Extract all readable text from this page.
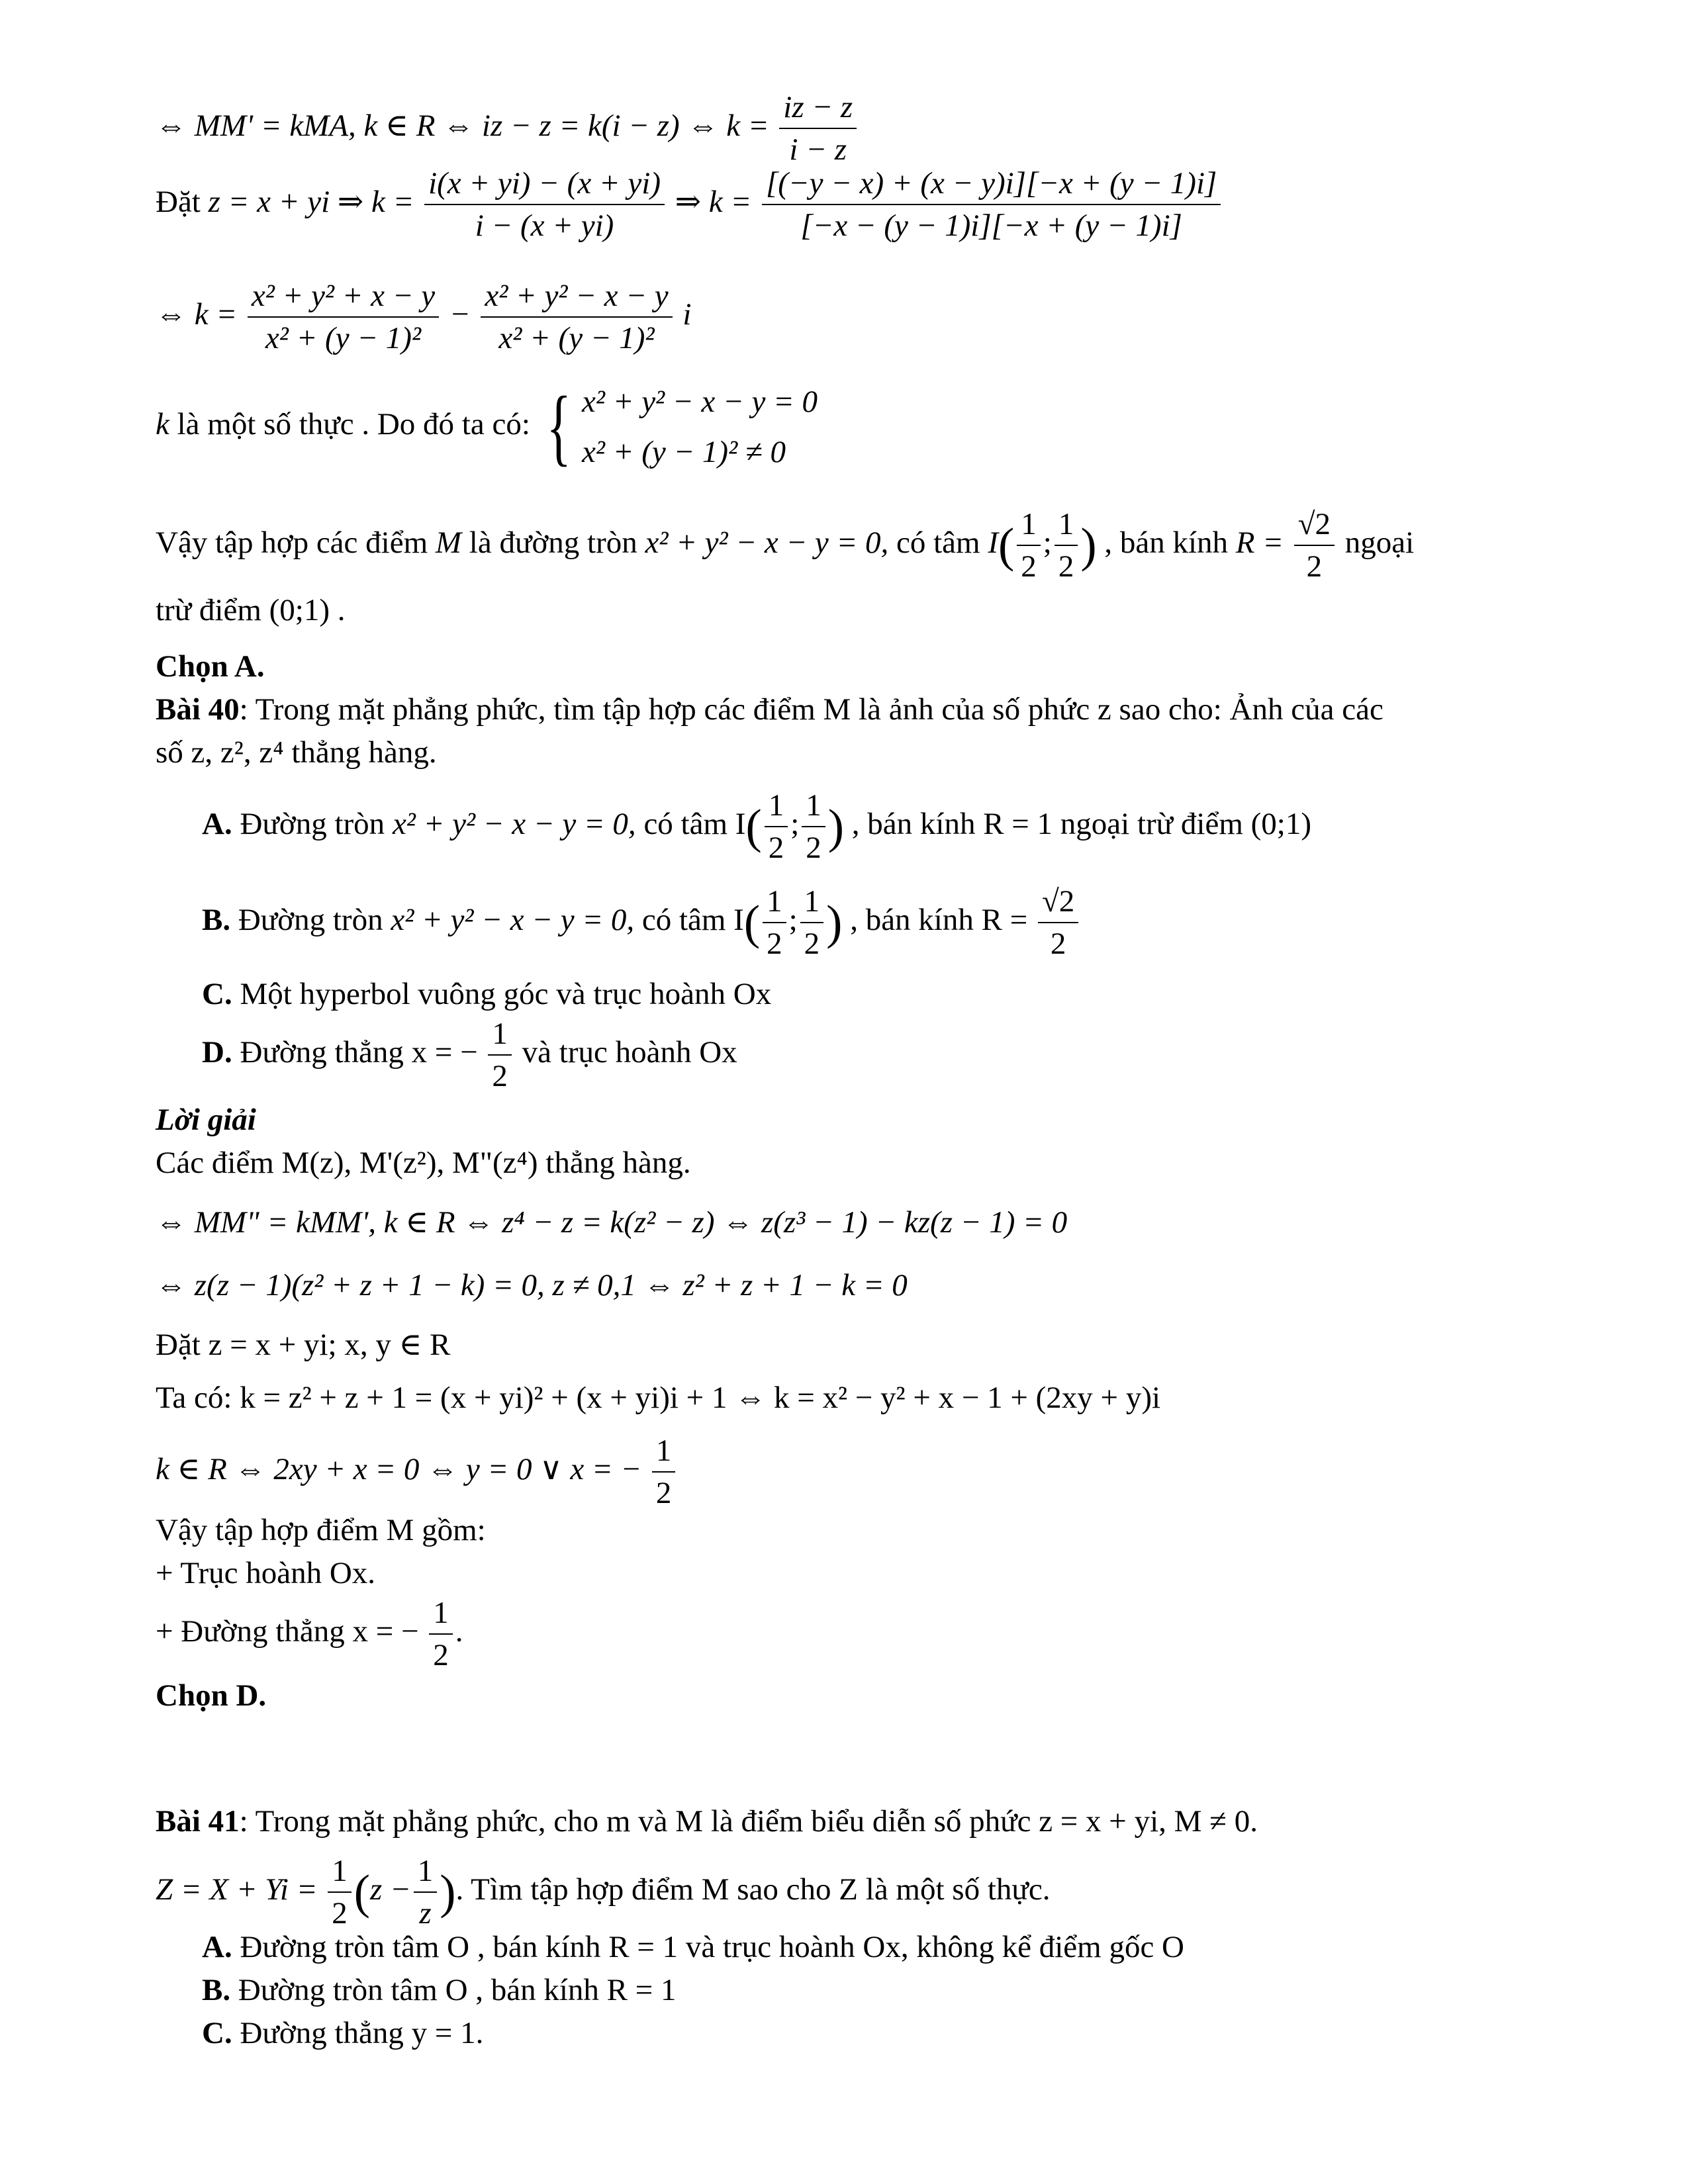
⇔ MM' = kMA, k ∈ R ⇔ iz − z = k(i − z) ⇔ $k = \frac{iz - z}{i - z}$
Đặt z = x + yi ⇒ $k = \frac{i(x + yi) - (x + yi)}{i - (x + yi)}$ ⇒ $k = \frac{[(-y - x) + (x - y)i][-x + (y - 1)i]}{[-x - (y - 1)i][-x + (y - 1)i]}$
⇔ $k = \frac{\text{x² + y² + x − y}}{\text{x² + (y − 1)²}} - \frac{\text{x² + y² − x − y}}{\text{x² + (y − 1)²}}$ i
k là một số thực . Do đó ta có: { x² + y² − x − y = 0
x² + (y − 1)² ≠ 0
Vậy tập hợp các điểm M là đường tròn x² + y² − x − y = 0, có tâm $I( \frac{1}{2}$ ; $\frac{1}{2}$ ) , bán kính $R = \frac{√2}{2}$ ngoại
trừ điểm (0;1) .
Chọn A.
Bài 40: Trong mặt phẳng phức, tìm tập hợp các điểm M là ảnh của số phức z sao cho: Ảnh của các
số z, z², z⁴ thẳng hàng.
A. Đường tròn x² + y² − x − y = 0, có tâm $I( \frac{1}{2}$ ; $\frac{1}{2}$ ) , bán kính R = 1 ngoại trừ điểm (0;1)
B. Đường tròn x² + y² − x − y = 0, có tâm $I( \frac{1}{2}$ ; $\frac{1}{2}$ ) , bán kính $R = \frac{√2}{2}$
C. Một hyperbol vuông góc và trục hoành Ox
D. Đường thẳng x = − $\frac{1}{2}$ và trục hoành Ox
Lời giải
Các điểm M(z), M'(z²), M"(z⁴) thẳng hàng.
⇔ MM" = kMM', k ∈ R ⇔ z⁴ − z = k(z² − z) ⇔ z(z³ − 1) − kz(z − 1) = 0
⇔ z(z − 1)(z² + z + 1 − k) = 0, z ≠ 0,1 ⇔ z² + z + 1 − k = 0
Đặt z = x + yi; x, y ∈ R
Ta có: k = z² + z + 1 = (x + yi)² + (x + yi)i + 1 ⇔ k = x² − y² + x − 1 + (2xy + y)i
k ∈ R ⇔ 2xy + x = 0 ⇔ y = 0 ∨ x = − $\frac{1}{2}$
Vậy tập hợp điểm M gồm:
+ Trục hoành Ox.
+ Đường thẳng x = − $\frac{1}{2}$ .
Chọn D.
Bài 41: Trong mặt phẳng phức, cho m và M là điểm biểu diễn số phức z = x + yi, M ≠ 0.
$Z = X + Yi = \frac{1}{2} (z - \frac{1}{z}$ ). Tìm tập hợp điểm M sao cho Z là một số thực.
A. Đường tròn tâm O , bán kính R = 1 và trục hoành Ox, không kể điểm gốc O
B. Đường tròn tâm O , bán kính R = 1
C. Đường thẳng y = 1.
